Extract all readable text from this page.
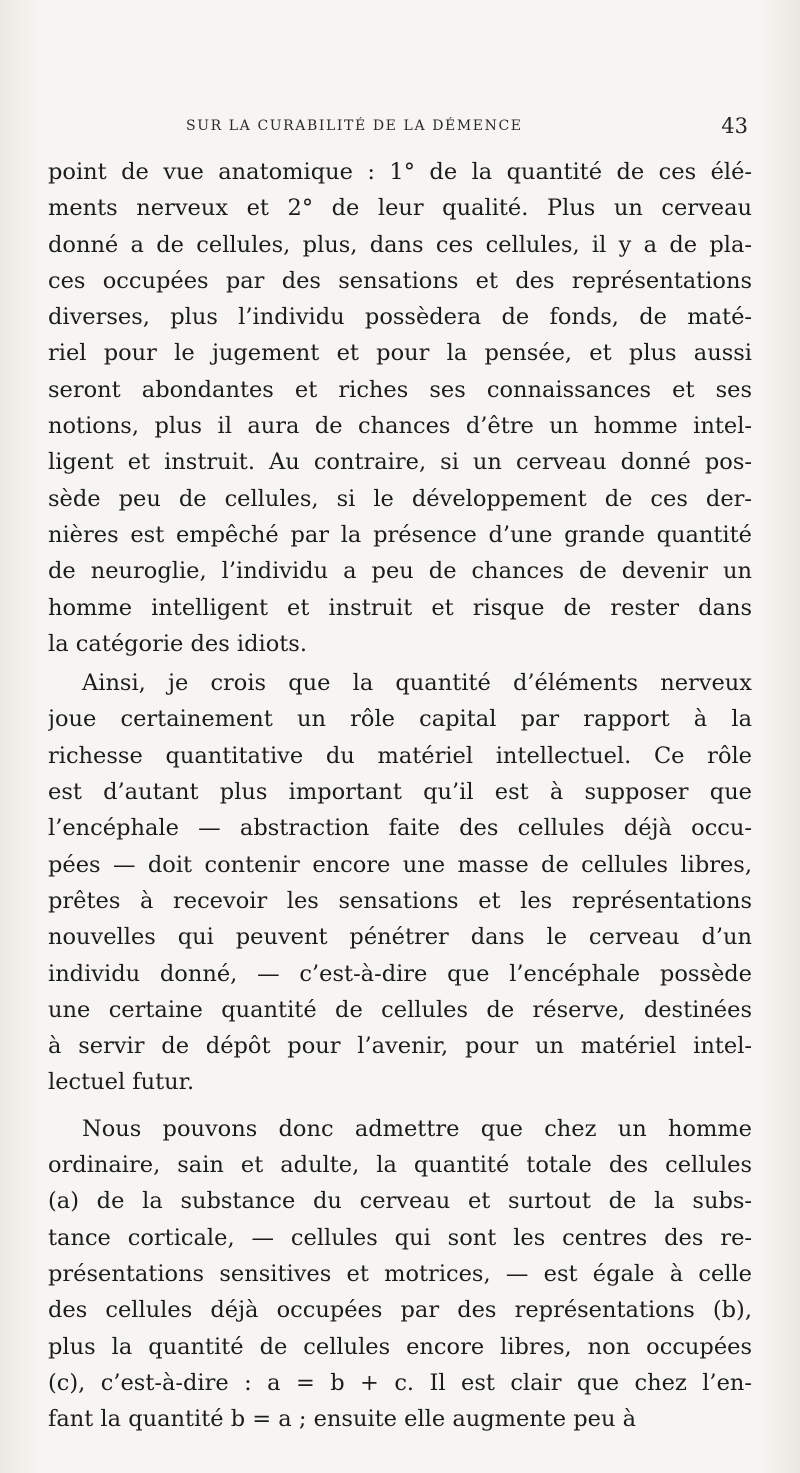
SUR LA CURABILITÉ DE LA DÉMENCE	43
point de vue anatomique : 1° de la quantité de ces élé-
ments nerveux et 2° de leur qualité. Plus un cerveau
donné a de cellules, plus, dans ces cellules, il y a de pla-
ces occupées par des sensations et des représentations
diverses, plus l’individu possèdera de fonds, de maté-
riel pour le jugement et pour la pensée, et plus aussi
seront abondantes et riches ses connaissances et ses
notions, plus il aura de chances d’être un homme intel-
ligent et instruit. Au contraire, si un cerveau donné pos-
sède peu de cellules, si le développement de ces der-
nières est empêché par la présence d’une grande quantité
de neuroglie, l’individu a peu de chances de devenir un
homme intelligent et instruit et risque de rester dans
la catégorie des idiots.
Ainsi, je crois que la quantité d’éléments nerveux
joue certainement un rôle capital par rapport à la
richesse quantitative du matériel intellectuel. Ce rôle
est d’autant plus important qu’il est à supposer que
l’encéphale — abstraction faite des cellules déjà occu-
pées — doit contenir encore une masse de cellules libres,
prêtes à recevoir les sensations et les représentations
nouvelles qui peuvent pénétrer dans le cerveau d’un
individu donné, — c’est-à-dire que l’encéphale possède
une certaine quantité de cellules de réserve, destinées
à servir de dépôt pour l’avenir, pour un matériel intel-
lectuel futur.
Nous pouvons donc admettre que chez un homme
ordinaire, sain et adulte, la quantité totale des cellules
(a) de la substance du cerveau et surtout de la subs-
tance corticale, — cellules qui sont les centres des re-
présentations sensitives et motrices, — est égale à celle
des cellules déjà occupées par des représentations (b),
plus la quantité de cellules encore libres, non occupées
(c), c’est-à-dire : a = b + c. Il est clair que chez l’en-
fant la quantité b = a ; ensuite elle augmente peu à
